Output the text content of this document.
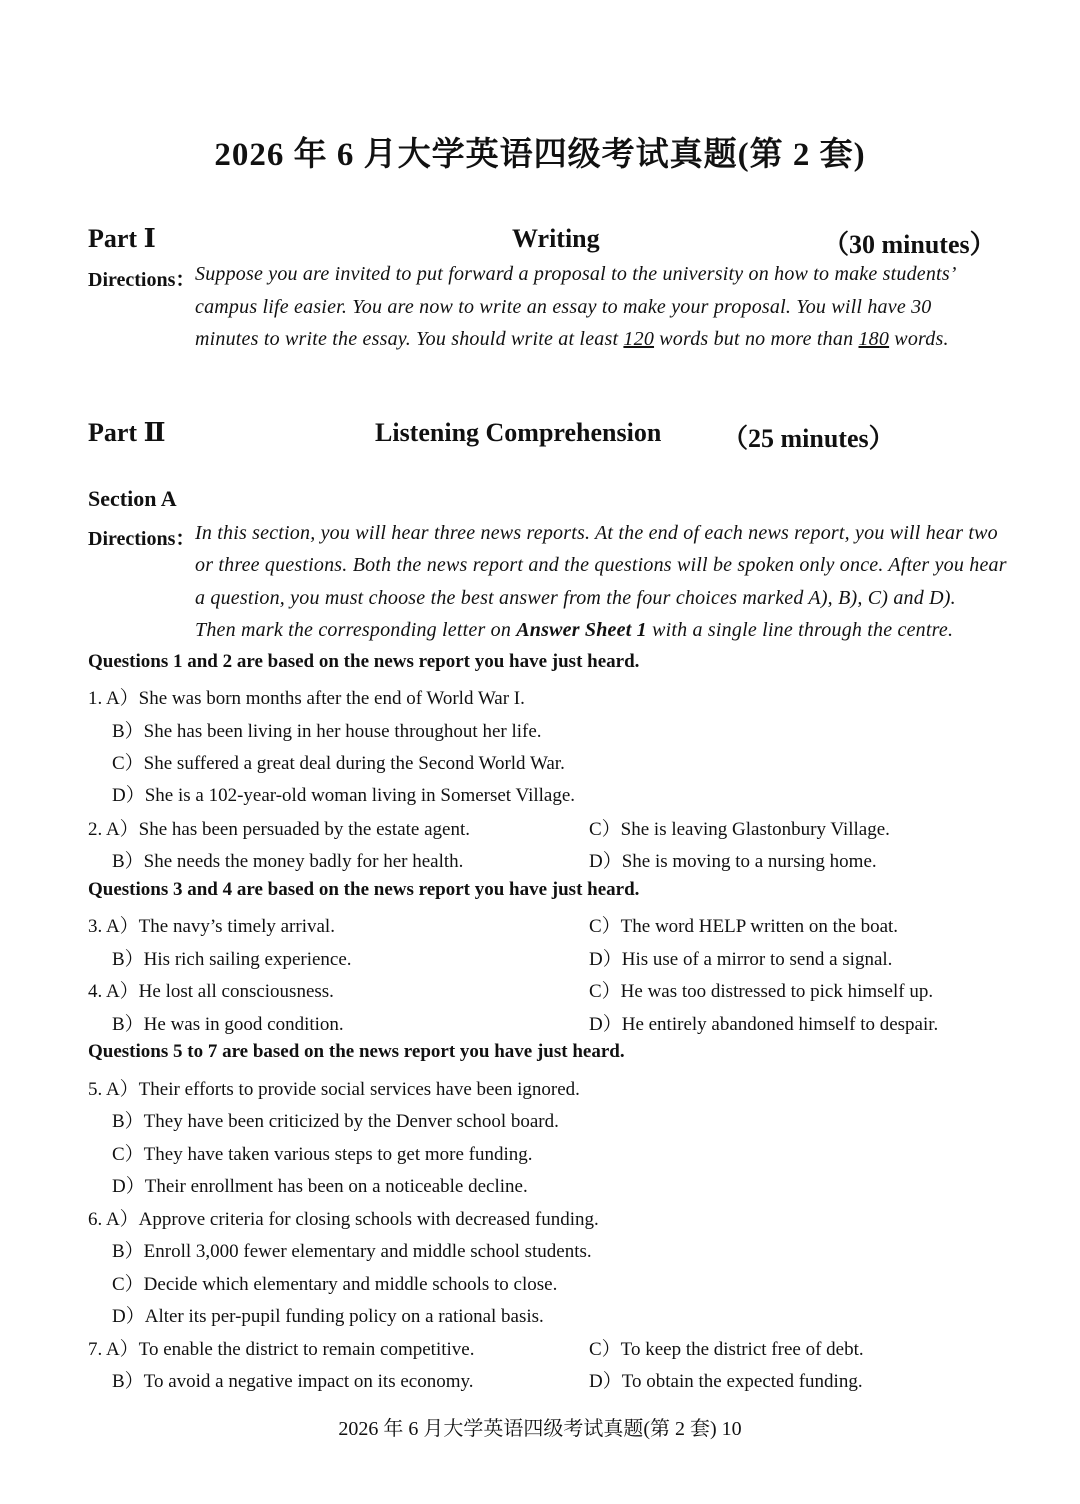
2026 年 6 月大学英语四级考试真题(第 2 套)
Part Ⅰ	Writing	（30 minutes）
Directions： Suppose you are invited to put forward a proposal to the university on how to make students’
campus life easier. You are now to write an essay to make your proposal. You will have 30
minutes to write the essay. You should write at least 120 words but no more than 180 words.
Part Ⅱ	Listening Comprehension （25 minutes）
Section A
Directions： In this section, you will hear three news reports. At the end of each news report, you will hear two
or three questions. Both the news report and the questions will be spoken only once. After you hear
a question, you must choose the best answer from the four choices marked A), B), C) and D).
Then mark the corresponding letter on Answer Sheet 1 with a single line through the centre.
Questions 1 and 2 are based on the news report you have just heard.
1. A）She was born months after the end of World War I.
B）She has been living in her house throughout her life.
C）She suffered a great deal during the Second World War.
D）She is a 102-year-old woman living in Somerset Village.
2. A）She has been persuaded by the estate agent.	C）She is leaving Glastonbury Village.
B）She needs the money badly for her health.	D）She is moving to a nursing home.
Questions 3 and 4 are based on the news report you have just heard.
3. A）The navy’s timely arrival.	C）The word HELP written on the boat.
B）His rich sailing experience.	D）His use of a mirror to send a signal.
4. A）He lost all consciousness.	C）He was too distressed to pick himself up.
B）He was in good condition.	D）He entirely abandoned himself to despair.
Questions 5 to 7 are based on the news report you have just heard.
5. A）Their efforts to provide social services have been ignored.
B）They have been criticized by the Denver school board.
C）They have taken various steps to get more funding.
D）Their enrollment has been on a noticeable decline.
6. A）Approve criteria for closing schools with decreased funding.
B）Enroll 3,000 fewer elementary and middle school students.
C）Decide which elementary and middle schools to close.
D）Alter its per-pupil funding policy on a rational basis.
7. A）To enable the district to remain competitive.	C）To keep the district free of debt.
B）To avoid a negative impact on its economy.	D）To obtain the expected funding.
2026 年 6 月大学英语四级考试真题(第 2 套) 10
